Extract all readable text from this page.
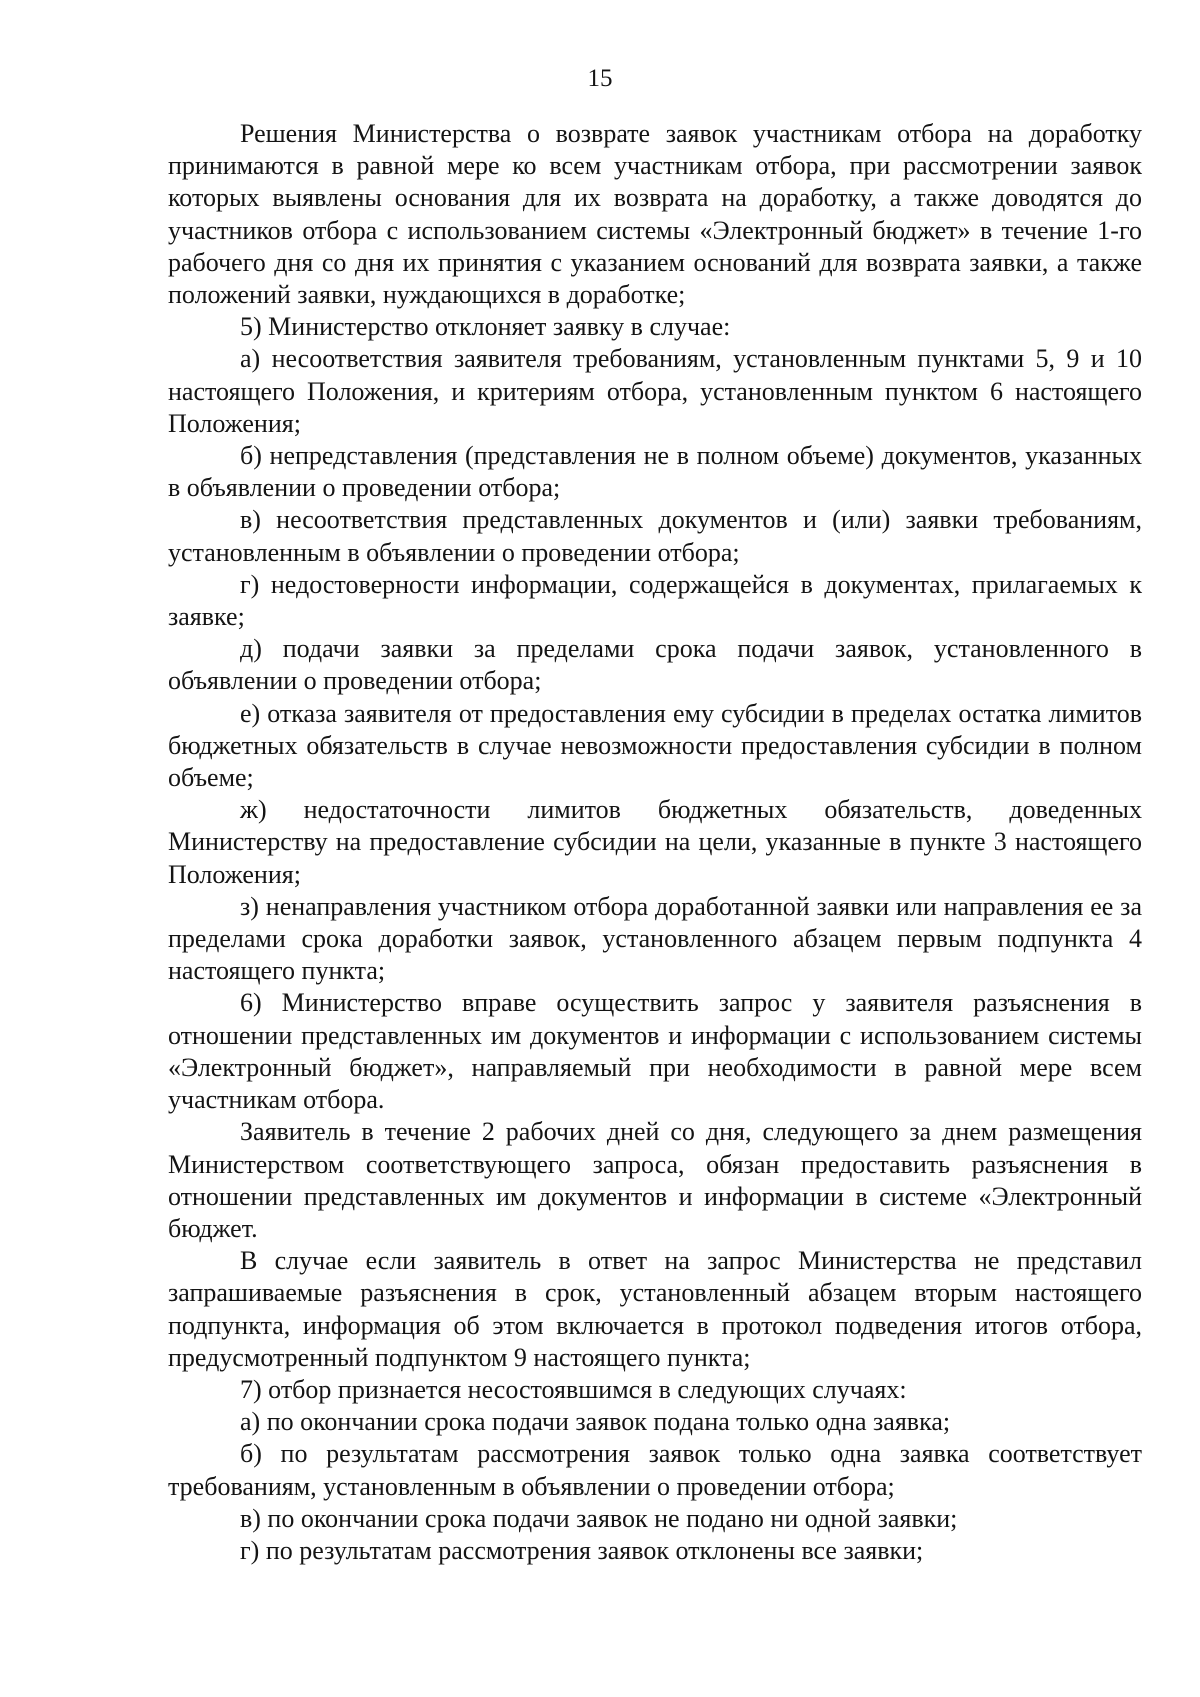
15

Решения Министерства о возврате заявок участникам отбора на доработку принимаются в равной мере ко всем участникам отбора, при рассмотрении заявок которых выявлены основания для их возврата на доработку, а также доводятся до участников отбора с использованием системы «Электронный бюджет» в течение 1-го рабочего дня со дня их принятия с указанием оснований для возврата заявки, а также положений заявки, нуждающихся в доработке;

5) Министерство отклоняет заявку в случае:

а) несоответствия заявителя требованиям, установленным пунктами 5, 9 и 10 настоящего Положения, и критериям отбора, установленным пунктом 6 настоящего Положения;

б) непредставления (представления не в полном объеме) документов, указанных в объявлении о проведении отбора;

в) несоответствия представленных документов и (или) заявки требованиям, установленным в объявлении о проведении отбора;

г) недостоверности информации, содержащейся в документах, прилагаемых к заявке;

д) подачи заявки за пределами срока подачи заявок, установленного в объявлении о проведении отбора;

е) отказа заявителя от предоставления ему субсидии в пределах остатка лимитов бюджетных обязательств в случае невозможности предоставления субсидии в полном объеме;

ж) недостаточности лимитов бюджетных обязательств, доведенных Министерству на предоставление субсидии на цели, указанные в пункте 3 настоящего Положения;

з) ненаправления участником отбора доработанной заявки или направления ее за пределами срока доработки заявок, установленного абзацем первым подпункта 4 настоящего пункта;

6) Министерство вправе осуществить запрос у заявителя разъяснения в отношении представленных им документов и информации с использованием системы «Электронный бюджет», направляемый при необходимости в равной мере всем участникам отбора.

Заявитель в течение 2 рабочих дней со дня, следующего за днем размещения Министерством соответствующего запроса, обязан предоставить разъяснения в отношении представленных им документов и информации в системе «Электронный бюджет.

В случае если заявитель в ответ на запрос Министерства не представил запрашиваемые разъяснения в срок, установленный абзацем вторым настоящего подпункта, информация об этом включается в протокол подведения итогов отбора, предусмотренный подпунктом 9 настоящего пункта;

7) отбор признается несостоявшимся в следующих случаях:

а) по окончании срока подачи заявок подана только одна заявка;

б) по результатам рассмотрения заявок только одна заявка соответствует требованиям, установленным в объявлении о проведении отбора;

в) по окончании срока подачи заявок не подано ни одной заявки;

г) по результатам рассмотрения заявок отклонены все заявки;
